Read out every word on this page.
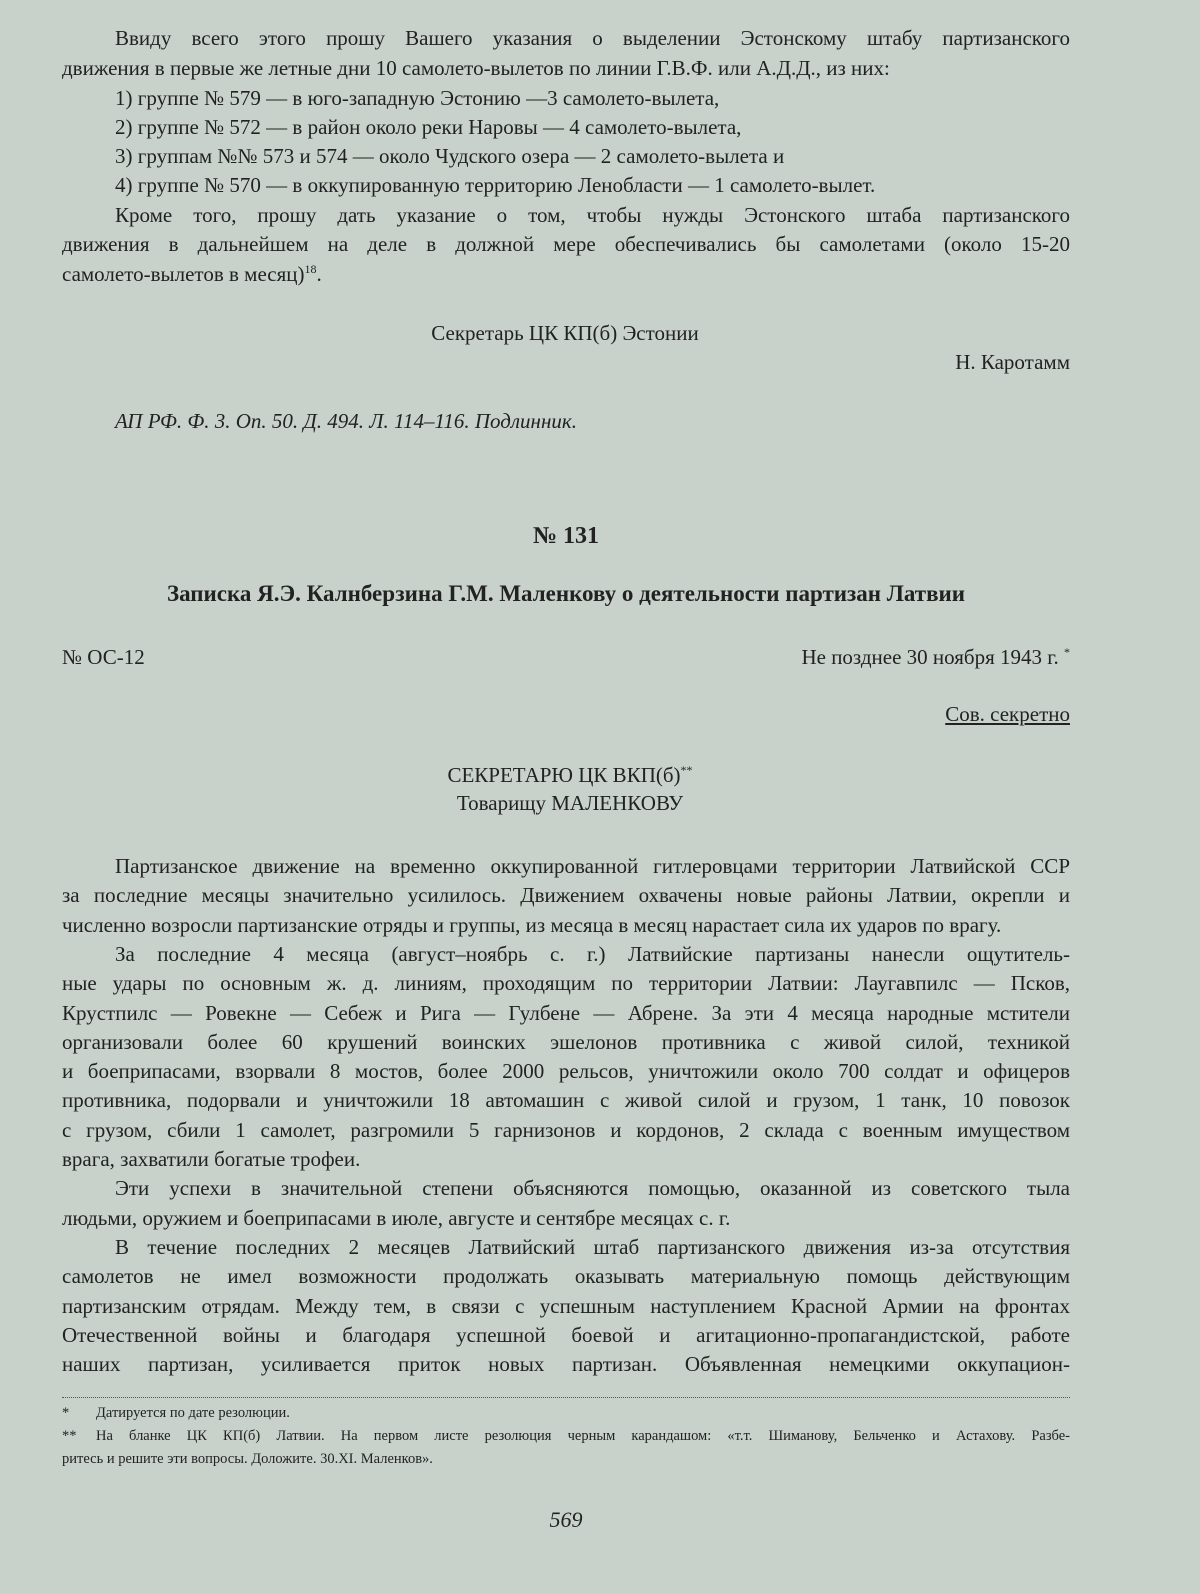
Ввиду всего этого прошу Вашего указания о выделении Эстонскому штабу партизанского
движения в первые же летные дни 10 самолето-вылетов по линии Г.В.Ф. или А.Д.Д., из них:
1) группе № 579 — в юго-западную Эстонию —3 самолето-вылета,
2) группе № 572 — в район около реки Наровы — 4 самолето-вылета,
3) группам №№ 573 и 574 — около Чудского озера — 2 самолето-вылета и
4) группе № 570 — в оккупированную территорию Ленобласти — 1 самолето-вылет.
Кроме того, прошу дать указание о том, чтобы нужды Эстонского штаба партизанского
движения в дальнейшем на деле в должной мере обеспечивались бы самолетами (около 15-20
самолето-вылетов в месяц)$^{18}$.
Секретарь ЦК КП(б) Эстонии
Н. Каротамм
АП РФ. Ф. 3. Оп. 50. Д. 494. Л. 114–116. Подлинник.
№ 131
Записка Я.Э. Калнберзина Г.М. Маленкову о деятельности партизан Латвии
№ ОС-12	Не позднее 30 ноября 1943 г. *
Сов. секретно
СЕКРЕТАРЮ ЦК ВКП(б)**
Товарищу МАЛЕНКОВУ
Партизанское движение на временно оккупированной гитлеровцами территории Латвийской ССР
за последние месяцы значительно усилилось. Движением охвачены новые районы Латвии, окрепли и
численно возросли партизанские отряды и группы, из месяца в месяц нарастает сила их ударов по врагу.
За последние 4 месяца (август–ноябрь с. г.) Латвийские партизаны нанесли ощутитель-
ные удары по основным ж. д. линиям, проходящим по территории Латвии: Лаугавпилс — Псков,
Крустпилс — Ровекне — Себеж и Рига — Гулбене — Абрене. За эти 4 месяца народные мстители
организовали более 60 крушений воинских эшелонов противника с живой силой, техникой
и боеприпасами, взорвали 8 мостов, более 2000 рельсов, уничтожили около 700 солдат и офицеров
противника, подорвали и уничтожили 18 автомашин с живой силой и грузом, 1 танк, 10 повозок
с грузом, сбили 1 самолет, разгромили 5 гарнизонов и кордонов, 2 склада с военным имуществом
врага, захватили богатые трофеи.
Эти успехи в значительной степени объясняются помощью, оказанной из советского тыла
людьми, оружием и боеприпасами в июле, августе и сентябре месяцах с. г.
В течение последних 2 месяцев Латвийский штаб партизанского движения из-за отсутствия
самолетов не имел возможности продолжать оказывать материальную помощь действующим
партизанским отрядам. Между тем, в связи с успешным наступлением Красной Армии на фронтах
Отечественной войны и благодаря успешной боевой и агитационно-пропагандистской, работе
наших партизан, усиливается приток новых партизан. Объявленная немецкими оккупацион-
* Датируется по дате резолюции.
** На бланке ЦК КП(б) Латвии. На первом листе резолюция черным карандашом: «т.т. Шиманову, Бельченко и Астахову. Разбе-
ритесь и решите эти вопросы. Доложите. 30.XI. Маленков».
569
